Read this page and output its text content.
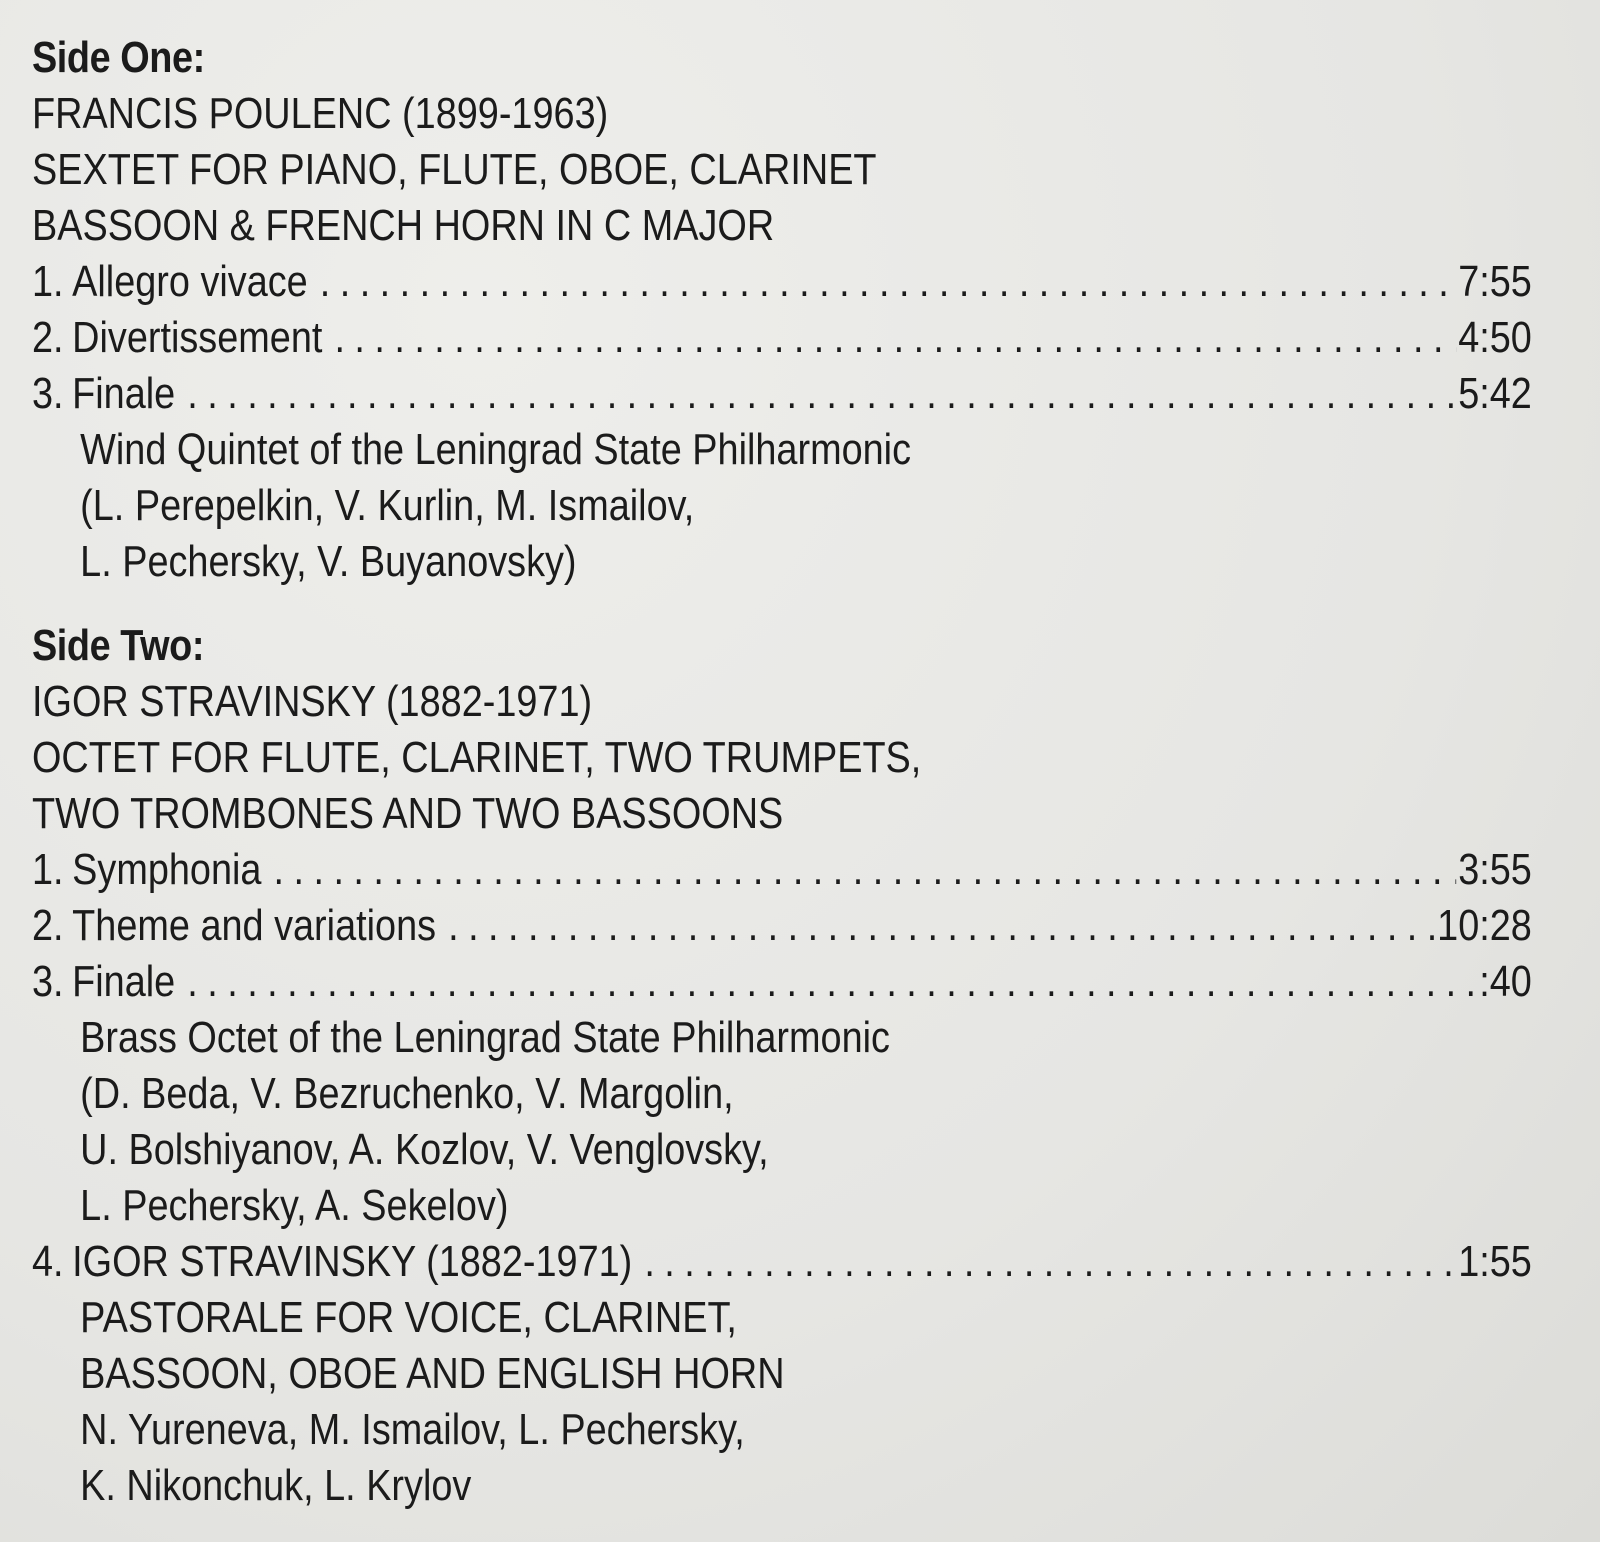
Side One:
FRANCIS POULENC (1899-1963)
SEXTET FOR PIANO, FLUTE, OBOE, CLARINET
BASSOON & FRENCH HORN IN C MAJOR
1. Allegro vivace .....	7:55
2. Divertissement .....	4:50
3. Finale .....	5:42
Wind Quintet of the Leningrad State Philharmonic
(L. Perepelkin, V. Kurlin, M. Ismailov,
L. Pechersky, V. Buyanovsky)
Side Two:
IGOR STRAVINSKY (1882-1971)
OCTET FOR FLUTE, CLARINET, TWO TRUMPETS,
TWO TROMBONES AND TWO BASSOONS
1. Symphonia .....	3:55
2. Theme and variations .....	10:28
3. Finale .....	:40
Brass Octet of the Leningrad State Philharmonic
(D. Beda, V. Bezruchenko, V. Margolin,
U. Bolshiyanov, A. Kozlov, V. Venglovsky,
L. Pechersky, A. Sekelov)
4. IGOR STRAVINSKY (1882-1971) .....	1:55
PASTORALE FOR VOICE, CLARINET,
BASSOON, OBOE AND ENGLISH HORN
N. Yureneva, M. Ismailov, L. Pechersky,
K. Nikonchuk, L. Krylov
